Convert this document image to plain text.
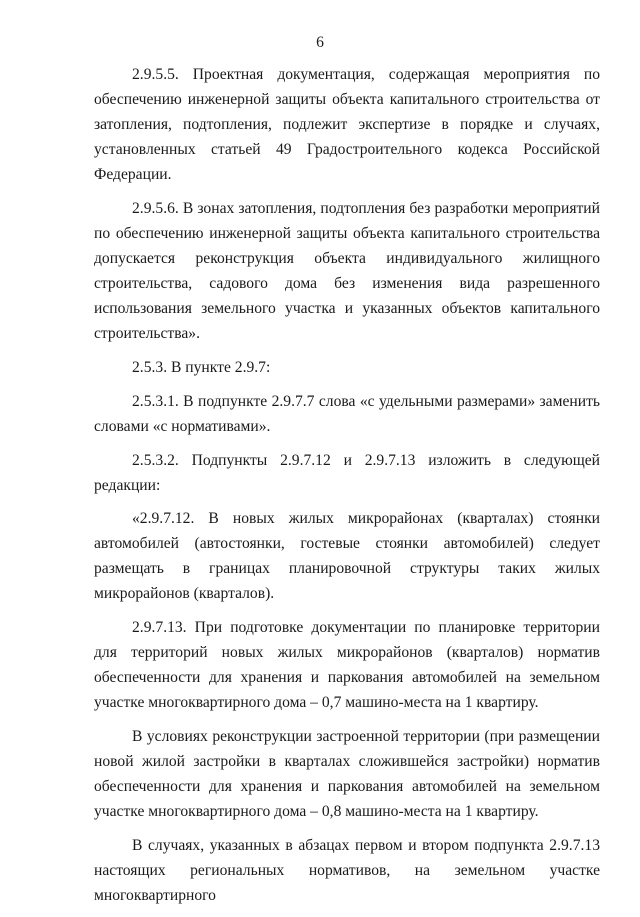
6

2.9.5.5. Проектная документация, содержащая мероприятия по обеспечению инженерной защиты объекта капитального строительства от затопления, подтопления, подлежит экспертизе в порядке и случаях, установленных статьей 49 Градостроительного кодекса Российской Федерации.

2.9.5.6. В зонах затопления, подтопления без разработки мероприятий по обеспечению инженерной защиты объекта капитального строительства допускается реконструкция объекта индивидуального жилищного строительства, садового дома без изменения вида разрешенного использования земельного участка и указанных объектов капитального строительства».

2.5.3. В пункте 2.9.7:

2.5.3.1. В подпункте 2.9.7.7 слова «с удельными размерами» заменить словами «с нормативами».

2.5.3.2. Подпункты 2.9.7.12 и 2.9.7.13 изложить в следующей редакции:

«2.9.7.12. В новых жилых микрорайонах (кварталах) стоянки автомобилей (автостоянки, гостевые стоянки автомобилей) следует размещать в границах планировочной структуры таких жилых микрорайонов (кварталов).

2.9.7.13. При подготовке документации по планировке территории для территорий новых жилых микрорайонов (кварталов) норматив обеспеченности для хранения и паркования автомобилей на земельном участке многоквартирного дома – 0,7 машино-места на 1 квартиру.

В условиях реконструкции застроенной территории (при размещении новой жилой застройки в кварталах сложившейся застройки) норматив обеспеченности для хранения и паркования автомобилей на земельном участке многоквартирного дома – 0,8 машино-места на 1 квартиру.

В случаях, указанных в абзацах первом и втором подпункта 2.9.7.13 настоящих региональных нормативов, на земельном участке многоквартирного
